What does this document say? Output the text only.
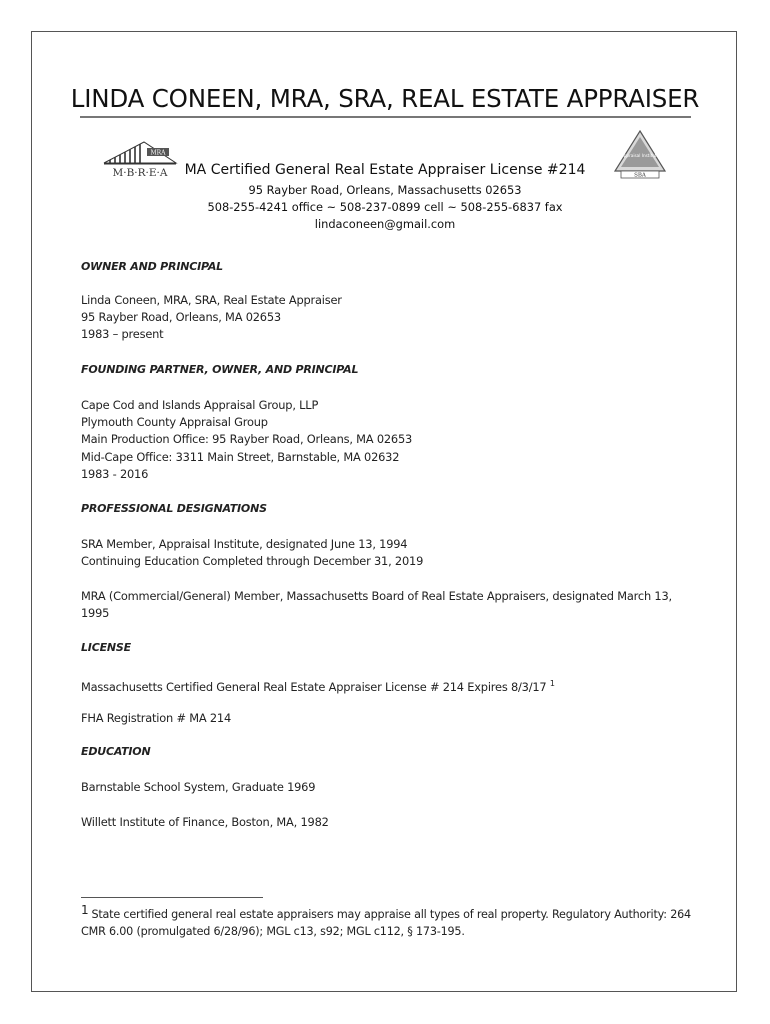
LINDA CONEEN, MRA, SRA, REAL ESTATE APPRAISER
MRA
M·B·R·E·A
Appraisal Institute
SBA
MA Certified General Real Estate Appraiser License #214
95 Rayber Road, Orleans, Massachusetts 02653
508-255-4241 office ~ 508-237-0899 cell ~ 508-255-6837 fax
lindaconeen@gmail.com
OWNER AND PRINCIPAL
Linda Coneen, MRA, SRA, Real Estate Appraiser
95 Rayber Road, Orleans, MA 02653
1983 – present
FOUNDING PARTNER, OWNER, AND PRINCIPAL
Cape Cod and Islands Appraisal Group, LLP
Plymouth County Appraisal Group
Main Production Office: 95 Rayber Road, Orleans, MA 02653
Mid-Cape Office: 3311 Main Street, Barnstable, MA 02632
1983 - 2016
PROFESSIONAL DESIGNATIONS
SRA Member, Appraisal Institute, designated June 13, 1994
Continuing Education Completed through December 31, 2019
MRA (Commercial/General) Member, Massachusetts Board of Real Estate Appraisers, designated March 13,
1995
LICENSE
Massachusetts Certified General Real Estate Appraiser License # 214 Expires 8/3/17 $^1$
FHA Registration # MA 214
EDUCATION
Barnstable School System, Graduate 1969
Willett Institute of Finance, Boston, MA, 1982
1 State certified general real estate appraisers may appraise all types of real property. Regulatory Authority: 264 CMR 6.00 (promulgated 6/28/96); MGL c13, s92; MGL c112, § 173-195.
